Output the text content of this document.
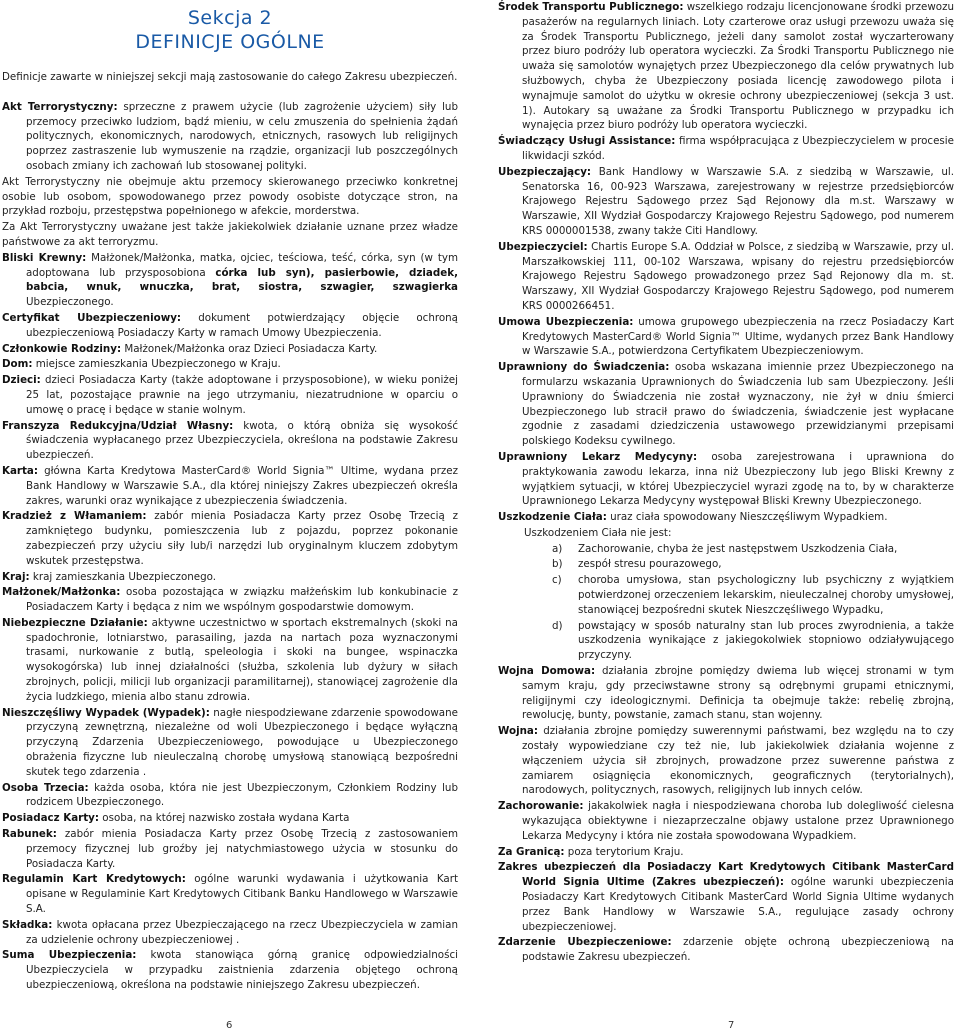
Sekcja 2
DEFINICJE OGÓLNE

Definicje zawarte w niniejszej sekcji mają zastosowanie do całego Zakresu ubezpieczeń.

Akt Terrorystyczny: sprzeczne z prawem użycie (lub zagrożenie użyciem) siły lub przemocy przeciwko ludziom, bądź mieniu, w celu zmuszenia do spełnienia żądań politycznych, ekonomicznych, narodowych, etnicznych, rasowych lub religijnych poprzez zastraszenie lub wymuszenie na rządzie, organizacji lub poszczególnych osobach zmiany ich zachowań lub stosowanej polityki.

Akt Terrorystyczny nie obejmuje aktu przemocy skierowanego przeciwko konkretnej osobie lub osobom, spowodowanego przez powody osobiste dotyczące stron, na przykład rozboju, przestępstwa popełnionego w afekcie, morderstwa.

Za Akt Terrorystyczny uważane jest także jakiekolwiek działanie uznane przez władze państwowe za akt terroryzmu.

Bliski Krewny: Małżonek/Małżonka, matka, ojciec, teściowa, teść, córka, syn (w tym adoptowana lub przysposobiona córka lub syn), pasierbowie, dziadek, babcia, wnuk, wnuczka, brat, siostra, szwagier, szwagierka Ubezpieczonego.

Certyfikat Ubezpieczeniowy: dokument potwierdzający objęcie ochroną ubezpieczeniową Posiadaczy Karty w ramach Umowy Ubezpieczenia.

Członkowie Rodziny: Małżonek/Małżonka oraz Dzieci Posiadacza Karty.

Dom: miejsce zamieszkania Ubezpieczonego w Kraju.

Dzieci: dzieci Posiadacza Karty (także adoptowane i przysposobione), w wieku poniżej 25 lat, pozostające prawnie na jego utrzymaniu, niezatrudnione w oparciu o umowę o pracę i będące w stanie wolnym.

Franszyza Redukcyjna/Udział Własny: kwota, o którą obniża się wysokość świadczenia wypłacanego przez Ubezpieczyciela, określona na podstawie Zakresu ubezpieczeń.

Karta: główna Karta Kredytowa MasterCard® World Signia™ Ultime, wydana przez Bank Handlowy w Warszawie S.A., dla której niniejszy Zakres ubezpieczeń określa zakres, warunki oraz wynikające z ubezpieczenia świadczenia.

Kradzież z Włamaniem: zabór mienia Posiadacza Karty przez Osobę Trzecią z zamkniętego budynku, pomieszczenia lub z pojazdu, poprzez pokonanie zabezpieczeń przy użyciu siły lub/i narzędzi lub oryginalnym kluczem zdobytym wskutek przestępstwa.

Kraj: kraj zamieszkania Ubezpieczonego.

Małżonek/Małżonka: osoba pozostająca w związku małżeńskim lub konkubinacie z Posiadaczem Karty i będąca z nim we wspólnym gospodarstwie domowym.

Niebezpieczne Działanie: aktywne uczestnictwo w sportach ekstremalnych (skoki na spadochronie, lotniarstwo, parasailing, jazda na nartach poza wyznaczonymi trasami, nurkowanie z butlą, speleologia i skoki na bungee, wspinaczka wysokogórska) lub innej działalności (służba, szkolenia lub dyżury w siłach zbrojnych, policji, milicji lub organizacji paramilitarnej), stanowiącej zagrożenie dla życia ludzkiego, mienia albo stanu zdrowia.

Nieszczęśliwy Wypadek (Wypadek): nagłe niespodziewane zdarzenie spowodowane przyczyną zewnętrzną, niezależne od woli Ubezpieczonego i będące wyłączną przyczyną Zdarzenia Ubezpieczeniowego, powodujące u Ubezpieczonego obrażenia fizyczne lub nieuleczalną chorobę umysłową stanowiącą bezpośredni skutek tego zdarzenia .

Osoba Trzecia: każda osoba, która nie jest Ubezpieczonym, Członkiem Rodziny lub rodzicem Ubezpieczonego.

Posiadacz Karty: osoba, na której nazwisko została wydana Karta

Rabunek: zabór mienia Posiadacza Karty przez Osobę Trzecią z zastosowaniem przemocy fizycznej lub groźby jej natychmiastowego użycia w stosunku do Posiadacza Karty.

Regulamin Kart Kredytowych: ogólne warunki wydawania i użytkowania Kart opisane w Regulaminie Kart Kredytowych Citibank Banku Handlowego w Warszawie S.A.

Składka: kwota opłacana przez Ubezpieczającego na rzecz Ubezpieczyciela w zamian za udzielenie ochrony ubezpieczeniowej .

Suma Ubezpieczenia: kwota stanowiąca górną granicę odpowiedzialności Ubezpieczyciela w przypadku zaistnienia zdarzenia objętego ochroną ubezpieczeniową, określona na podstawie niniejszego Zakresu ubezpieczeń.

Środek Transportu Publicznego: wszelkiego rodzaju licencjonowane środki przewozu pasażerów na regularnych liniach. Loty czarterowe oraz usługi przewozu uważa się za Środek Transportu Publicznego, jeżeli dany samolot został wyczarterowany przez biuro podróży lub operatora wycieczki. Za Środki Transportu Publicznego nie uważa się samolotów wynajętych przez Ubezpieczonego dla celów prywatnych lub służbowych, chyba że Ubezpieczony posiada licencję zawodowego pilota i wynajmuje samolot do użytku w okresie ochrony ubezpieczeniowej (sekcja 3 ust. 1). Autokary są uważane za Środki Transportu Publicznego w przypadku ich wynajęcia przez biuro podróży lub operatora wycieczki.

Świadczący Usługi Assistance: firma współpracująca z Ubezpieczycielem w procesie likwidacji szkód.

Ubezpieczający: Bank Handlowy w Warszawie S.A. z siedzibą w Warszawie, ul. Senatorska 16, 00-923 Warszawa, zarejestrowany w rejestrze przedsiębiorców Krajowego Rejestru Sądowego przez Sąd Rejonowy dla m.st. Warszawy w Warszawie, XII Wydział Gospodarczy Krajowego Rejestru Sądowego, pod numerem KRS 0000001538, zwany także Citi Handlowy.

Ubezpieczyciel: Chartis Europe S.A. Oddział w Polsce, z siedzibą w Warszawie, przy ul. Marszałkowskiej 111, 00-102 Warszawa, wpisany do rejestru przedsiębiorców Krajowego Rejestru Sądowego prowadzonego przez Sąd Rejonowy dla m. st. Warszawy, XII Wydział Gospodarczy Krajowego Rejestru Sądowego, pod numerem KRS 0000266451.

Umowa Ubezpieczenia: umowa grupowego ubezpieczenia na rzecz Posiadaczy Kart Kredytowych MasterCard® World Signia™ Ultime, wydanych przez Bank Handlowy w Warszawie S.A., potwierdzona Certyfikatem Ubezpieczeniowym.

Uprawniony do Świadczenia: osoba wskazana imiennie przez Ubezpieczonego na formularzu wskazania Uprawnionych do Świadczenia lub sam Ubezpieczony. Jeśli Uprawniony do Świadczenia nie został wyznaczony, nie żył w dniu śmierci Ubezpieczonego lub stracił prawo do świadczenia, świadczenie jest wypłacane zgodnie z zasadami dziedziczenia ustawowego przewidzianymi przepisami polskiego Kodeksu cywilnego.

Uprawniony Lekarz Medycyny: osoba zarejestrowana i uprawniona do praktykowania zawodu lekarza, inna niż Ubezpieczony lub jego Bliski Krewny z wyjątkiem sytuacji, w której Ubezpieczyciel wyrazi zgodę na to, by w charakterze Uprawnionego Lekarza Medycyny występował Bliski Krewny Ubezpieczonego.

Uszkodzenie Ciała: uraz ciała spowodowany Nieszczęśliwym Wypadkiem.

Uszkodzeniem Ciała nie jest:

a) Zachorowanie, chyba że jest następstwem Uszkodzenia Ciała,

b) zespół stresu pourazowego,

c) choroba umysłowa, stan psychologiczny lub psychiczny z wyjątkiem potwierdzonej orzeczeniem lekarskim, nieuleczalnej choroby umysłowej, stanowiącej bezpośredni skutek Nieszczęśliwego Wypadku,

d) powstający w sposób naturalny stan lub proces zwyrodnienia, a także uszkodzenia wynikające z jakiegokolwiek stopniowo odziaływującego przyczyny.

Wojna Domowa: działania zbrojne pomiędzy dwiema lub więcej stronami w tym samym kraju, gdy przeciwstawne strony są odrębnymi grupami etnicznymi, religijnymi czy ideologicznymi. Definicja ta obejmuje także: rebelię zbrojną, rewolucję, bunty, powstanie, zamach stanu, stan wojenny.

Wojna: działania zbrojne pomiędzy suwerennymi państwami, bez względu na to czy zostały wypowiedziane czy też nie, lub jakiekolwiek działania wojenne z włączeniem użycia sił zbrojnych, prowadzone przez suwerenne państwa z zamiarem osiągnięcia ekonomicznych, geograficznych (terytorialnych), narodowych, politycznych, rasowych, religijnych lub innych celów.

Zachorowanie: jakakolwiek nagła i niespodziewana choroba lub dolegliwość cielesna wykazująca obiektywne i niezaprzeczalne objawy ustalone przez Uprawnionego Lekarza Medycyny i która nie została spowodowana Wypadkiem.

Za Granicą: poza terytorium Kraju.

Zakres ubezpieczeń dla Posiadaczy Kart Kredytowych Citibank MasterCard World Signia Ultime (Zakres ubezpieczeń): ogólne warunki ubezpieczenia Posiadaczy Kart Kredytowych Citibank MasterCard World Signia Ultime wydanych przez Bank Handlowy w Warszawie S.A., regulujące zasady ochrony ubezpieczeniowej.

Zdarzenie Ubezpieczeniowe: zdarzenie objęte ochroną ubezpieczeniową na podstawie Zakresu ubezpieczeń.

6	7
